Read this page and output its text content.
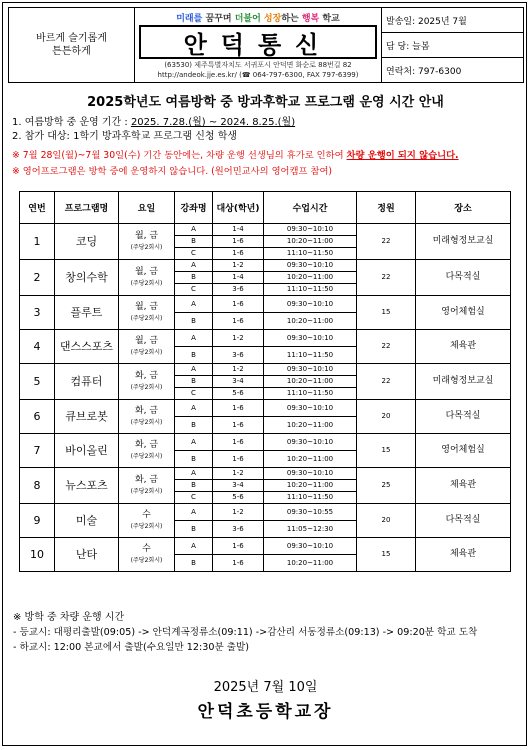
바르게 슬기롭게
튼튼하게
미래를 꿈꾸며 더불어 성장하는 행복 학교
안덕통신
(63530) 제주특별자치도 서귀포시 안덕면 화순로 88번길 82
http://andeok.jje.es.kr/ (☎ 064-797-6300, FAX 797-6399)
발송일: 2025년 7월
담 당: 늘봄
연락처: 797-6300
2025학년도 여름방학 중 방과후학교 프로그램 운영 시간 안내
1. 여름방학 중 운영 기간 : 2025. 7.28.(월) ~ 2024. 8.25.(월)
2. 참가 대상: 1학기 방과후학교 프로그램 신청 학생
※ 7월 28일(월)~7월 30일(수) 기간 동안에는, 차량 운행 선생님의 휴가로 인하여 차량 운행이 되지 않습니다.
※ 영어프로그램은 방학 중에 운영하지 않습니다. (원어민교사의 영어캠프 참여)
연번	프로그램명	요일	강좌명	대상(학년)	수업시간	정원	장소
1	코딩	월, 금
(주당2회시)	A	1-4	09:30~10:10	22	미래형정보교실
			B	1-6	10:20~11:00		
			C	1-6	11:10~11:50		
2	창의수학	월, 금
(주당2회시)	A	1-2	09:30~10:10	22	다목적실
			B	1-4	10:20~11:00		
			C	3-6	11:10~11:50		
3	플루트	월, 금
(주당2회시)	A	1-6	09:30~10:10	15	영어체험실
			B	1-6	10:20~11:00		
4	댄스스포츠	월, 금
(주당2회시)	A	1-2	09:30~10:10	22	체육관
			B	3-6	11:10~11:50		
5	컴퓨터	화, 금
(주당2회시)	A	1-2	09:30~10:10	22	미래형정보교실
			B	3-4	10:20~11:00		
			C	5-6	11:10~11:50		
6	큐브로봇	화, 금
(주당2회시)	A	1-6	09:30~10:10	20	다목적실
			B	1-6	10:20~11:00		
7	바이올린	화, 금
(주당2회시)	A	1-6	09:30~10:10	15	영어체험실
			B	1-6	10:20~11:00		
8	뉴스포츠	화, 금
(주당2회시)	A	1-2	09:30~10:10	25	체육관
			B	3-4	10:20~11:00		
			C	5-6	11:10~11:50		
9	미술	수
(주당2회시)	A	1-2	09:30~10:55	20	다목적실
			B	3-6	11:05~12:30		
10	난타	수
(주당2회시)	A	1-6	09:30~10:10	15	체육관
			B	1-6	10:20~11:00		
※ 방학 중 차량 운행 시간
- 등교시: 대평리출발(09:05) -> 안덕계곡정류소(09:11) ->감산리 서동정류소(09:13) -> 09:20분 학교 도착
- 하교시: 12:00 본교에서 출발(수요일만 12:30분 출발)
2025년 7월 10일
안덕초등학교장
